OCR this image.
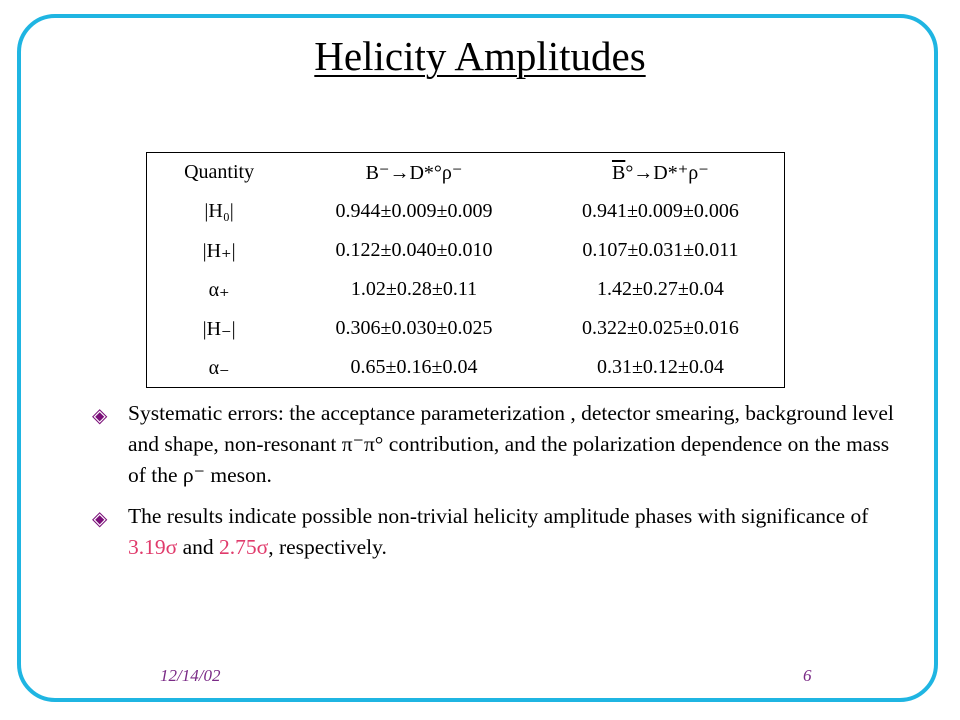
Helicity Amplitudes
Quantity	B⁻→D*°ρ⁻	$\overline{B}^\circ\to D*^+\rho^-$
|H₀|	0.944±0.009±0.009	0.941±0.009±0.006
|H₊|	0.122±0.040±0.010	0.107±0.031±0.011
α₊	1.02±0.28±0.11	1.42±0.27±0.04
|H₋|	0.306±0.030±0.025	0.322±0.025±0.016
α₋	0.65±0.16±0.04	0.31±0.12±0.04
◈ Systematic errors: the acceptance parameterization , detector smearing, background level and shape, non-resonant π⁻π° contribution, and the polarization dependence on the mass of the ρ⁻ meson.
◈ The results indicate possible non-trivial helicity amplitude phases with significance of 3.19σ and 2.75σ, respectively.
12/14/02	6
